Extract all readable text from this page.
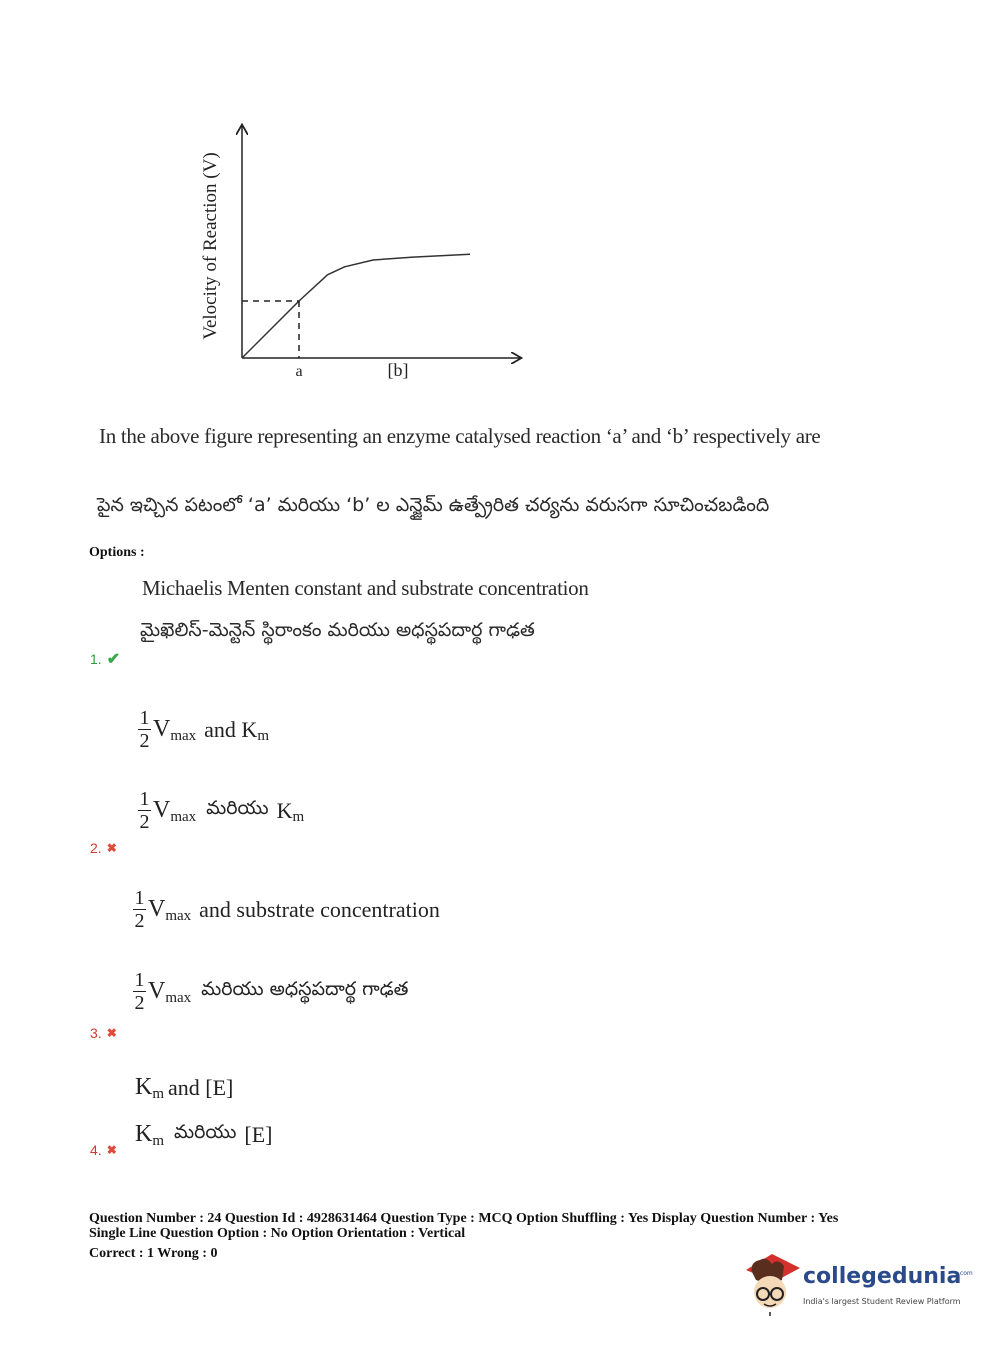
Velocity of Reaction (V)
a	[b]
In the above figure representing an enzyme catalysed reaction ‘a’ and ‘b’ respectively are
పైన ఇచ్చిన పటంలో ‘a’ మరియు ‘b’ ల ఎన్జైమ్ ఉత్ప్రేరిత చర్యను వరుసగా సూచించబడింది
Options :
Michaelis Menten constant and substrate concentration
మైఖెలిస్-మెన్టెన్ స్థిరాంకం మరియు అధస్థపదార్థ గాఢత
1. ✔
$\frac{1}{2}$ V max and K m
$\frac{1}{2}$ V max మరియు K m
2. ✖
$\frac{1}{2}$ V max and substrate concentration
$\frac{1}{2}$ V max మరియు అధస్థపదార్థ గాఢత
3. ✖
K m and [E]
K m మరియు [E]
4. ✖
Question Number : 24 Question Id : 4928631464 Question Type : MCQ Option Shuffling : Yes Display Question Number : Yes
Single Line Question Option : No Option Orientation : Vertical
Correct : 1 Wrong : 0
collegedunia
.com
India's largest Student Review Platform
